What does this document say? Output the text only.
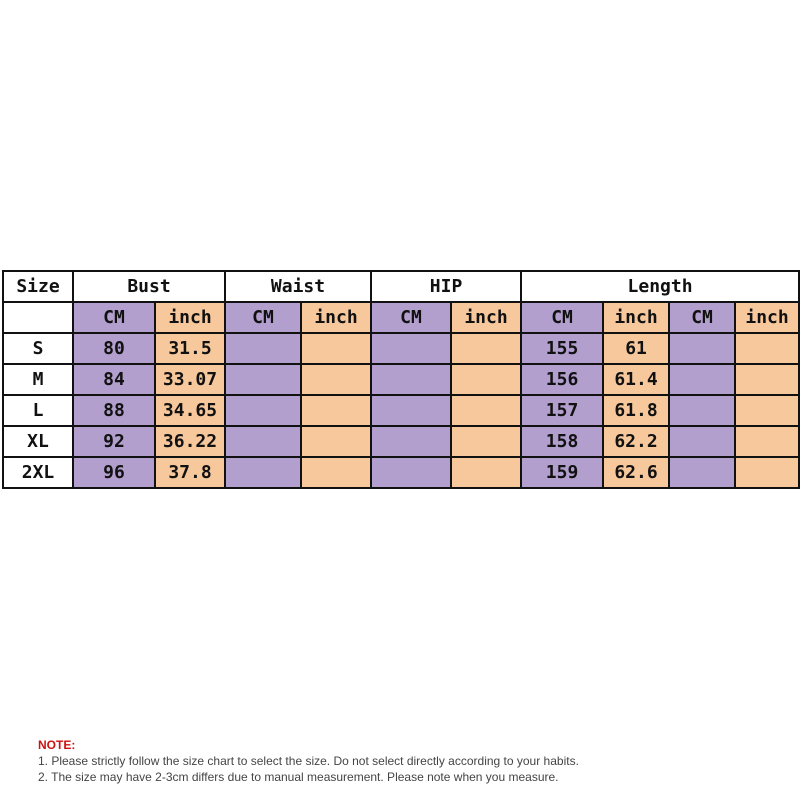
Size	Bust		Waist		HIP		Length			
	CM	inch	CM	inch	CM	inch	CM	inch	CM	inch
S	80	31.5					155	61		
M	84	33.07					156	61.4		
L	88	34.65					157	61.8		
XL	92	36.22					158	62.2		
2XL	96	37.8					159	62.6		
NOTE:
1. Please strictly follow the size chart to select the size. Do not select directly according to your habits.
2. The size may have 2-3cm differs due to manual measurement. Please note when you measure.
